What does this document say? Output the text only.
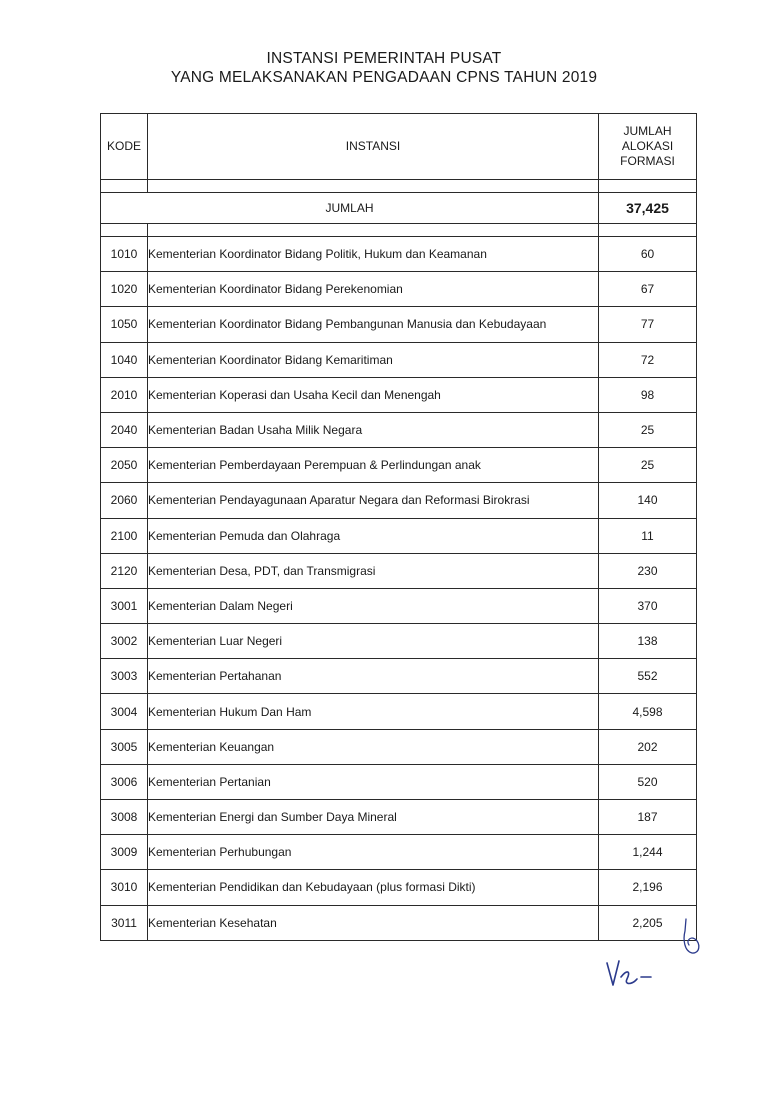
INSTANSI PEMERINTAH PUSAT
YANG MELAKSANAKAN PENGADAAN CPNS TAHUN 2019
KODE	INSTANSI	JUMLAH
ALOKASI
FORMASI

JUMLAH		37,425

1010	Kementerian Koordinator Bidang Politik, Hukum dan Keamanan	60
1020	Kementerian Koordinator Bidang Perekenomian	67
1050	Kementerian Koordinator Bidang Pembangunan Manusia dan Kebudayaan	77
1040	Kementerian Koordinator Bidang Kemaritiman	72
2010	Kementerian Koperasi dan Usaha Kecil dan Menengah	98
2040	Kementerian Badan Usaha Milik Negara	25
2050	Kementerian Pemberdayaan Perempuan & Perlindungan anak	25
2060	Kementerian Pendayagunaan Aparatur Negara dan Reformasi Birokrasi	140
2100	Kementerian Pemuda dan Olahraga	11
2120	Kementerian Desa, PDT, dan Transmigrasi	230
3001	Kementerian Dalam Negeri	370
3002	Kementerian Luar Negeri	138
3003	Kementerian Pertahanan	552
3004	Kementerian Hukum Dan Ham	4,598
3005	Kementerian Keuangan	202
3006	Kementerian Pertanian	520
3008	Kementerian Energi dan Sumber Daya Mineral	187
3009	Kementerian Perhubungan	1,244
3010	Kementerian Pendidikan dan Kebudayaan (plus formasi Dikti)	2,196
3011	Kementerian Kesehatan	2,205
